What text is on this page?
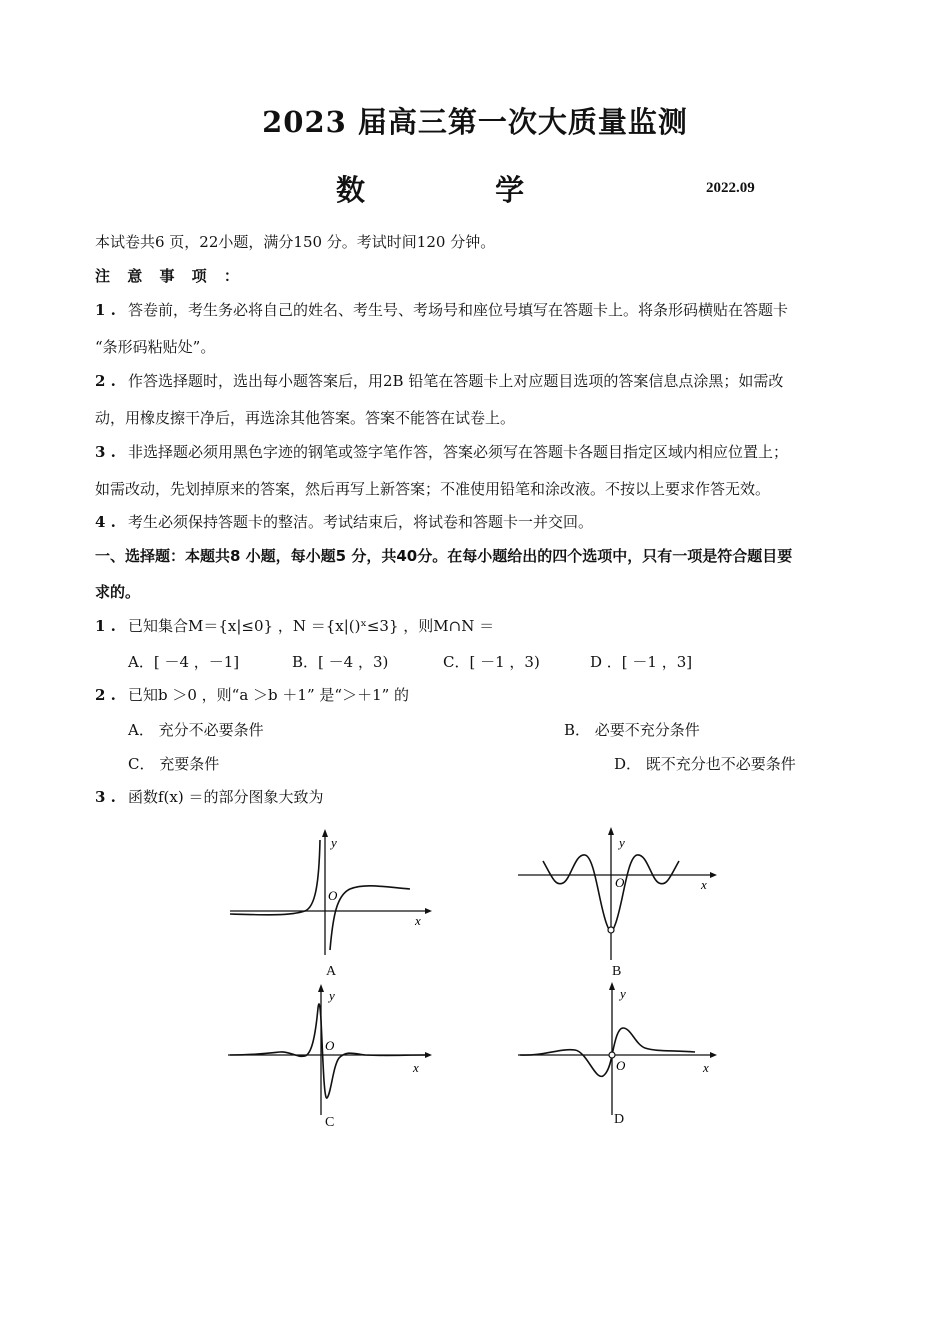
2023 届高三第一次大质量监测
数 学	2022.09
本试卷共6 页，22小题，满分150 分。考试时间120 分钟。
注 意 事 项 ：
1 . 答卷前，考生务必将自己的姓名、考生号、考场号和座位号填写在答题卡上。将条形码横贴在答题卡
“条形码粘贴处”。
2 . 作答选择题时，选出每小题答案后，用2B 铅笔在答题卡上对应题目选项的答案信息点涂黑；如需改
动，用橡皮擦干净后，再选涂其他答案。答案不能答在试卷上。
3 . 非选择题必须用黑色字迹的钢笔或签字笔作答，答案必须写在答题卡各题目指定区域内相应位置上；
如需改动，先划掉原来的答案，然后再写上新答案；不准使用铅笔和涂改液。不按以上要求作答无效。
4 . 考生必须保持答题卡的整洁。考试结束后，将试卷和答题卡一并交回。
一、选择题：本题共8 小题，每小题5 分，共40分。在每小题给出的四个选项中，只有一项是符合题目要
求的。
1 . 已知集合M＝{x|≤0} ，N ＝{x|()ˣ≤3} ，则M∩N ＝
A．[ －4 ，－1]	B．[ －4 ，3)	C．[ －1 ，3)	D ．[ －1 ，3]
2 . 已知b ＞0 ，则“a ＞b ＋1” 是“＞＋1” 的
A． 充分不必要条件	B． 必要不充分条件
C． 充要条件	D． 既不充分也不必要条件
3 . 函数f(x) ＝的部分图象大致为
y
O
x
A
y
O	x
B
y
O
x
C
y
O	x
D
